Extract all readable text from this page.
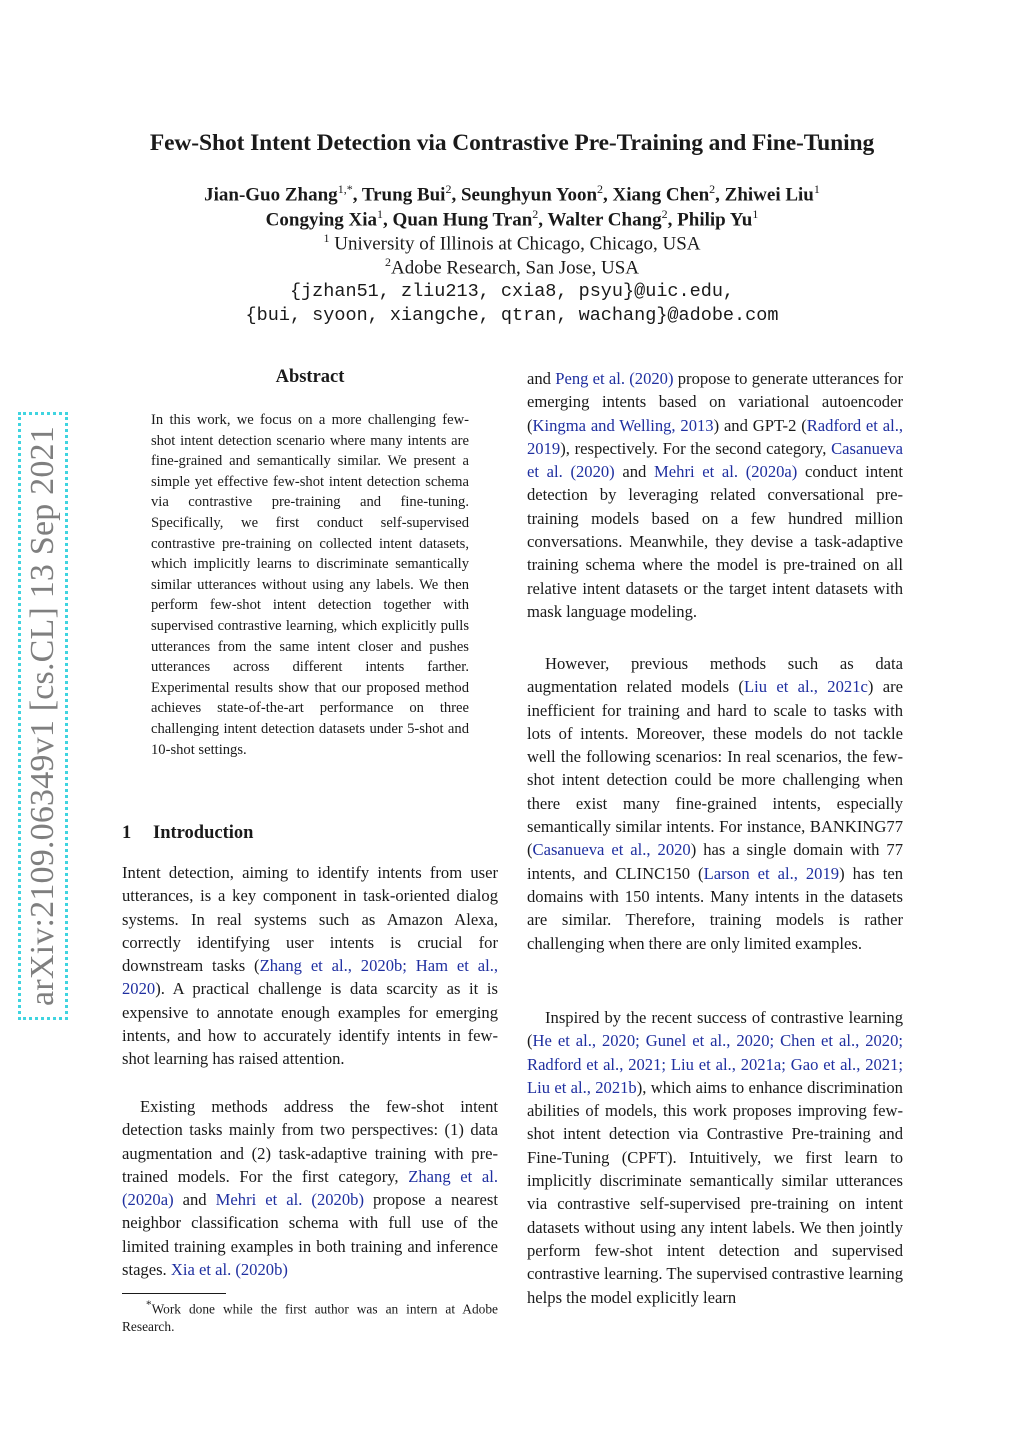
arXiv:2109.06349v1 [cs.CL] 13 Sep 2021
Few-Shot Intent Detection via Contrastive Pre-Training and Fine-Tuning
Jian-Guo Zhang$^{1,*}$, Trung Bui$^2$, Seunghyun Yoon$^2$, Xiang Chen$^2$, Zhiwei Liu$^1$
Congying Xia$^1$, Quan Hung Tran$^2$, Walter Chang$^2$, Philip Yu$^1$
$^1$ University of Illinois at Chicago, Chicago, USA
$^2$Adobe Research, San Jose, USA
{jzhan51, zliu213, cxia8, psyu}@uic.edu,
{bui, syoon, xiangche, qtran, wachang}@adobe.com
Abstract
In this work, we focus on a more challenging few-shot intent detection scenario where many intents are fine-grained and semantically similar. We present a simple yet effective few-shot intent detection schema via contrastive pre-training and fine-tuning. Specifically, we first conduct self-supervised contrastive pre-training on collected intent datasets, which implicitly learns to discriminate semantically similar utterances without using any labels. We then perform few-shot intent detection together with supervised contrastive learning, which explicitly pulls utterances from the same intent closer and pushes utterances across different intents farther. Experimental results show that our proposed method achieves state-of-the-art performance on three challenging intent detection datasets under 5-shot and 10-shot settings.
1 Introduction
Intent detection, aiming to identify intents from user utterances, is a key component in task-oriented dialog systems. In real systems such as Amazon Alexa, correctly identifying user intents is crucial for downstream tasks (Zhang et al., 2020b; Ham et al., 2020). A practical challenge is data scarcity as it is expensive to annotate enough examples for emerging intents, and how to accurately identify intents in few-shot learning has raised attention.
Existing methods address the few-shot intent detection tasks mainly from two perspectives: (1) data augmentation and (2) task-adaptive training with pre-trained models. For the first category, Zhang et al. (2020a) and Mehri et al. (2020b) propose a nearest neighbor classification schema with full use of the limited training examples in both training and inference stages. Xia et al. (2020b)
*Work done while the first author was an intern at Adobe Research.
and Peng et al. (2020) propose to generate utterances for emerging intents based on variational autoencoder (Kingma and Welling, 2013) and GPT-2 (Radford et al., 2019), respectively. For the second category, Casanueva et al. (2020) and Mehri et al. (2020a) conduct intent detection by leveraging related conversational pre-training models based on a few hundred million conversations. Meanwhile, they devise a task-adaptive training schema where the model is pre-trained on all relative intent datasets or the target intent datasets with mask language modeling.
However, previous methods such as data augmentation related models (Liu et al., 2021c) are inefficient for training and hard to scale to tasks with lots of intents. Moreover, these models do not tackle well the following scenarios: In real scenarios, the few-shot intent detection could be more challenging when there exist many fine-grained intents, especially semantically similar intents. For instance, BANKING77 (Casanueva et al., 2020) has a single domain with 77 intents, and CLINC150 (Larson et al., 2019) has ten domains with 150 intents. Many intents in the datasets are similar. Therefore, training models is rather challenging when there are only limited examples.
Inspired by the recent success of contrastive learning (He et al., 2020; Gunel et al., 2020; Chen et al., 2020; Radford et al., 2021; Liu et al., 2021a; Gao et al., 2021; Liu et al., 2021b), which aims to enhance discrimination abilities of models, this work proposes improving few-shot intent detection via Contrastive Pre-training and Fine-Tuning (CPFT). Intuitively, we first learn to implicitly discriminate semantically similar utterances via contrastive self-supervised pre-training on intent datasets without using any intent labels. We then jointly perform few-shot intent detection and supervised contrastive learning. The supervised contrastive learning helps the model explicitly learn
